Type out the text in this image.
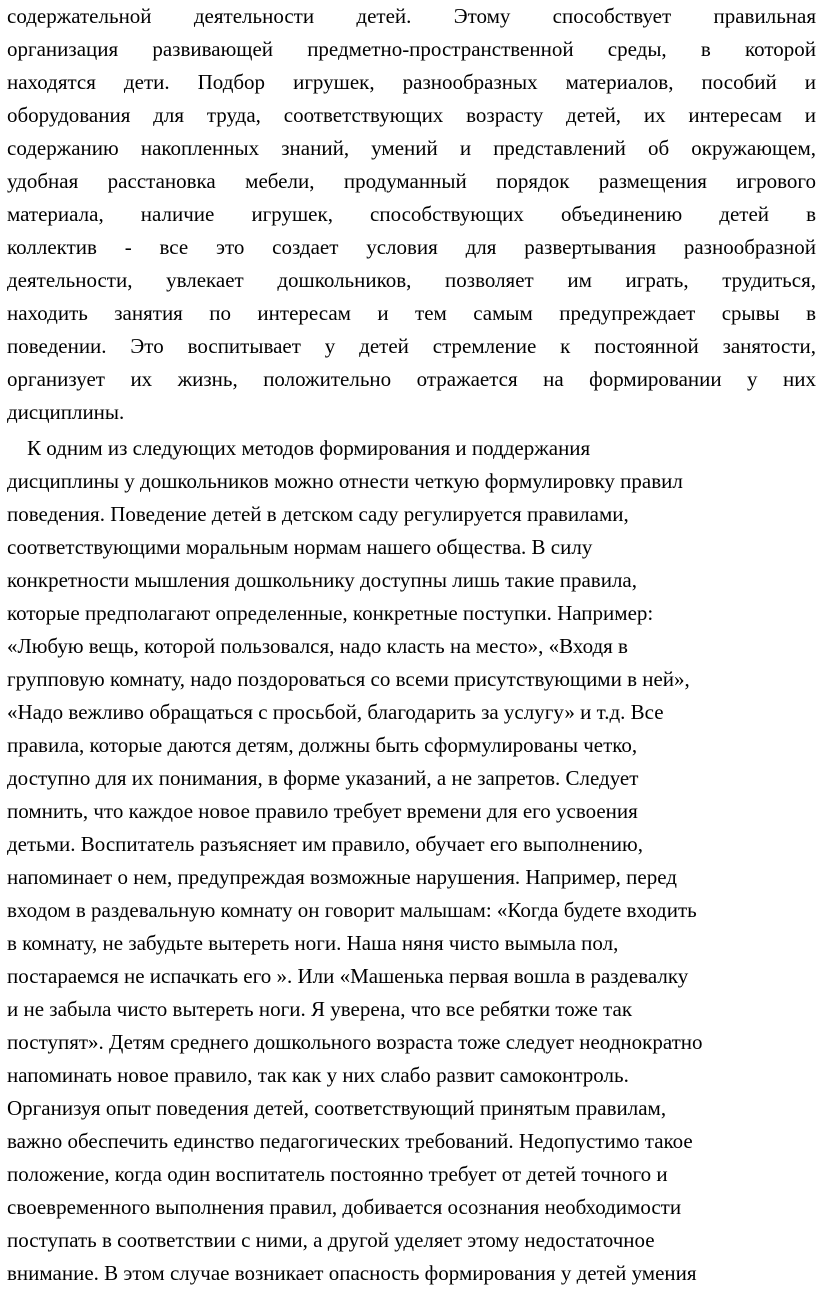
содержательной деятельности детей. Этому способствует правильная
организация развивающей предметно-пространственной среды, в которой
находятся дети. Подбор игрушек, разнообразных материалов, пособий и
оборудования для труда, соответствующих возрасту детей, их интересам и
содержанию накопленных знаний, умений и представлений об окружающем,
удобная расстановка мебели, продуманный порядок размещения игрового
материала, наличие игрушек, способствующих объединению детей в
коллектив - все это создает условия для развертывания разнообразной
деятельности, увлекает дошкольников, позволяет им играть, трудиться,
находить занятия по интересам и тем самым предупреждает срывы в
поведении. Это воспитывает у детей стремление к постоянной занятости,
организует их жизнь, положительно отражается на формировании у них
дисциплины.
К одним из следующих методов формирования и поддержания
дисциплины у дошкольников можно отнести четкую формулировку правил
поведения. Поведение детей в детском саду регулируется правилами,
соответствующими моральным нормам нашего общества. В силу
конкретности мышления дошкольнику доступны лишь такие правила,
которые предполагают определенные, конкретные поступки. Например:
«Любую вещь, которой пользовался, надо класть на место», «Входя в
групповую комнату, надо поздороваться со всеми присутствующими в ней»,
«Надо вежливо обращаться с просьбой, благодарить за услугу» и т.д. Все
правила, которые даются детям, должны быть сформулированы четко,
доступно для их понимания, в форме указаний, а не запретов. Следует
помнить, что каждое новое правило требует времени для его усвоения
детьми. Воспитатель разъясняет им правило, обучает его выполнению,
напоминает о нем, предупреждая возможные нарушения. Например, перед
входом в раздевальную комнату он говорит малышам: «Когда будете входить
в комнату, не забудьте вытереть ноги. Наша няня чисто вымыла пол,
постараемся не испачкать его ». Или «Машенька первая вошла в раздевалку
и не забыла чисто вытереть ноги. Я уверена, что все ребятки тоже так
поступят». Детям среднего дошкольного возраста тоже следует неоднократно
напоминать новое правило, так как у них слабо развит самоконтроль.
Организуя опыт поведения детей, соответствующий принятым правилам,
важно обеспечить единство педагогических требований. Недопустимо такое
положение, когда один воспитатель постоянно требует от детей точного и
своевременного выполнения правил, добивается осознания необходимости
поступать в соответствии с ними, а другой уделяет этому недостаточное
внимание. В этом случае возникает опасность формирования у детей умения
